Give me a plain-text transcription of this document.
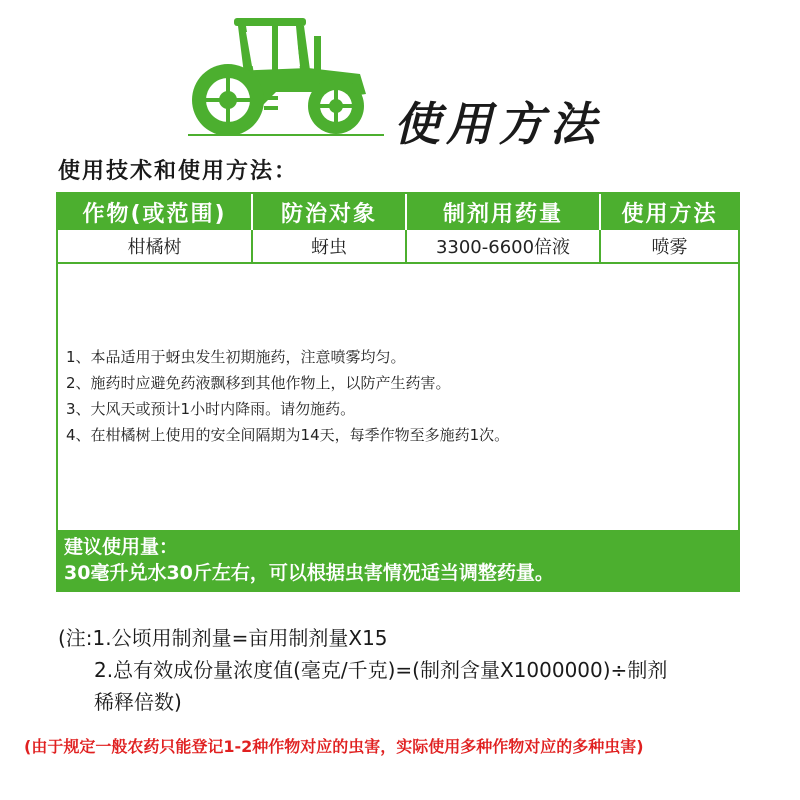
使用方法
使用技术和使用方法：
作物(或范围)	防治对象	制剂用药量	使用方法
柑橘树	蚜虫	3300-6600倍液	喷雾
1、本品适用于蚜虫发生初期施药，注意喷雾均匀。
2、施药时应避免药液飘移到其他作物上，以防产生药害。
3、大风天或预计1小时内降雨。请勿施药。
4、在柑橘树上使用的安全间隔期为14天，每季作物至多施药1次。
建议使用量：
30毫升兑水30斤左右，可以根据虫害情况适当调整药量。
(注:1.公顷用制剂量=亩用制剂量X15
2.总有效成份量浓度值(毫克/千克)=(制剂含量X1000000)÷制剂
稀释倍数)
(由于规定一般农药只能登记1-2种作物对应的虫害，实际使用多种作物对应的多种虫害)
